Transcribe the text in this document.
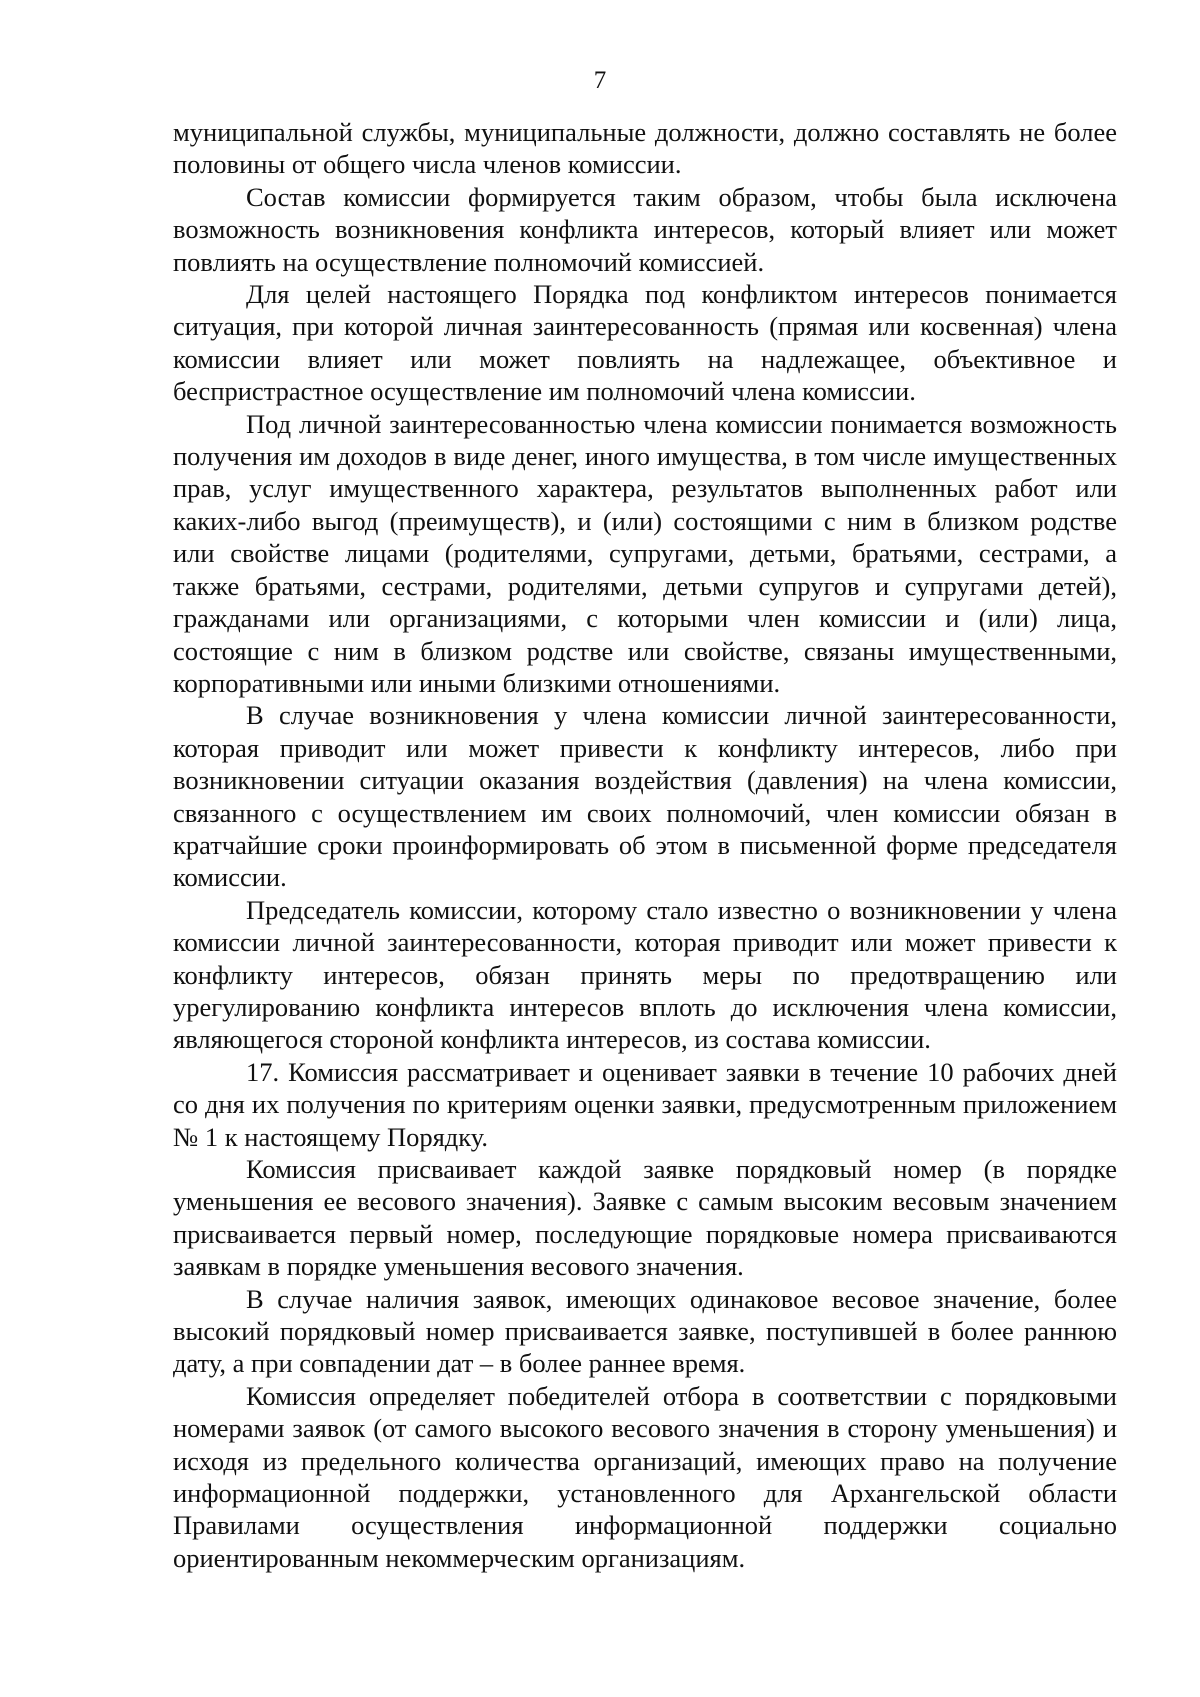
7

муниципальной службы, муниципальные должности, должно составлять не более половины от общего числа членов комиссии.

Состав комиссии формируется таким образом, чтобы была исключена возможность возникновения конфликта интересов, который влияет или может повлиять на осуществление полномочий комиссией.

Для целей настоящего Порядка под конфликтом интересов понимается ситуация, при которой личная заинтересованность (прямая или косвенная) члена комиссии влияет или может повлиять на надлежащее, объективное и беспристрастное осуществление им полномочий члена комиссии.

Под личной заинтересованностью члена комиссии понимается возможность получения им доходов в виде денег, иного имущества, в том числе имущественных прав, услуг имущественного характера, результатов выполненных работ или каких-либо выгод (преимуществ), и (или) состоящими с ним в близком родстве или свойстве лицами (родителями, супругами, детьми, братьями, сестрами, а также братьями, сестрами, родителями, детьми супругов и супругами детей), гражданами или организациями, с которыми член комиссии и (или) лица, состоящие с ним в близком родстве или свойстве, связаны имущественными, корпоративными или иными близкими отношениями.

В случае возникновения у члена комиссии личной заинтересованности, которая приводит или может привести к конфликту интересов, либо при возникновении ситуации оказания воздействия (давления) на члена комиссии, связанного с осуществлением им своих полномочий, член комиссии обязан в кратчайшие сроки проинформировать об этом в письменной форме председателя комиссии.

Председатель комиссии, которому стало известно о возникновении у члена комиссии личной заинтересованности, которая приводит или может привести к конфликту интересов, обязан принять меры по предотвращению или урегулированию конфликта интересов вплоть до исключения члена комиссии, являющегося стороной конфликта интересов, из состава комиссии.

17. Комиссия рассматривает и оценивает заявки в течение 10 рабочих дней со дня их получения по критериям оценки заявки, предусмотренным приложением № 1 к настоящему Порядку.

Комиссия присваивает каждой заявке порядковый номер (в порядке уменьшения ее весового значения). Заявке с самым высоким весовым значением присваивается первый номер, последующие порядковые номера присваиваются заявкам в порядке уменьшения весового значения.

В случае наличия заявок, имеющих одинаковое весовое значение, более высокий порядковый номер присваивается заявке, поступившей в более раннюю дату, а при совпадении дат – в более раннее время.

Комиссия определяет победителей отбора в соответствии с порядковыми номерами заявок (от самого высокого весового значения в сторону уменьшения) и исходя из предельного количества организаций, имеющих право на получение информационной поддержки, установленного для Архангельской области Правилами осуществления информационной поддержки социально ориентированным некоммерческим организациям.
